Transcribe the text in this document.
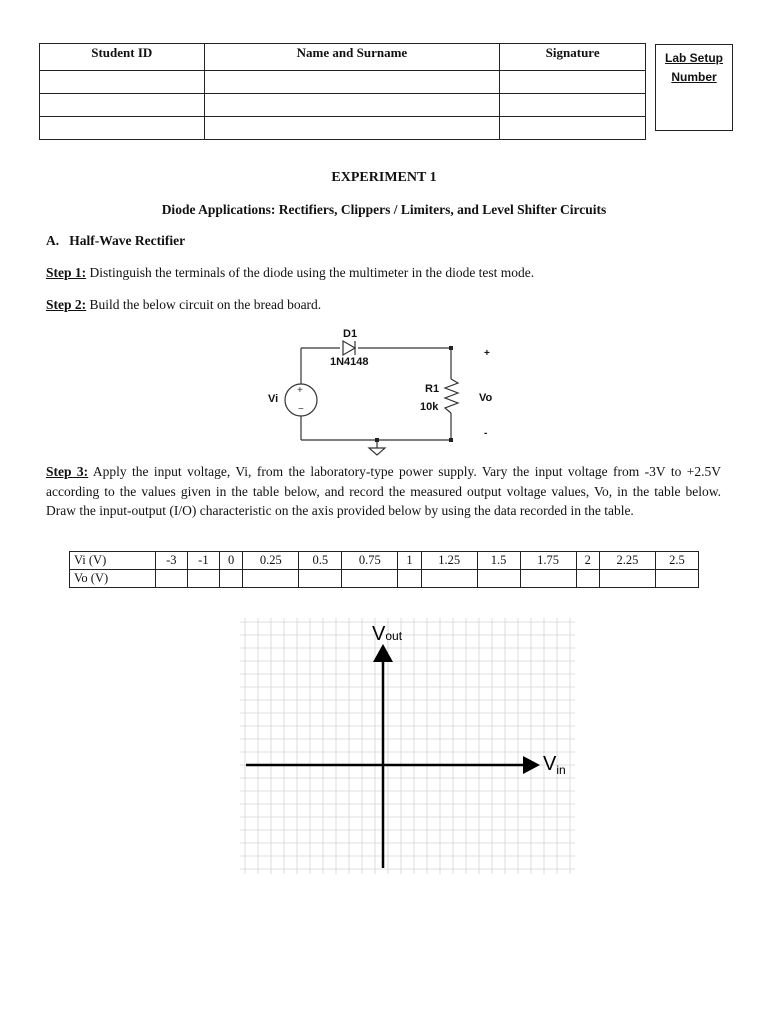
Student ID	Name and Surname	Signature

			Lab Setup
Number
EXPERIMENT 1
Diode Applications: Rectifiers, Clippers / Limiters, and Level Shifter Circuits
A. Half-Wave Rectifier
Step 1: Distinguish the terminals of the diode using the multimeter in the diode test mode.
Step 2: Build the below circuit on the bread board.
+
−
D1
1N4148
R1
10k
Vi	Vo
+
-
Step 3: Apply the input voltage, Vi, from the laboratory-type power supply. Vary the input voltage from -3V to +2.5V according to the values given in the table below, and record the measured output voltage values, Vo, in the table below. Draw the input-output (I/O) characteristic on the axis provided below by using the data recorded in the table.
Vi (V)	-3	-1	0	0.25	0.5	0.75	1	1.25	1.5	1.75	2	2.25	2.5
Vo (V)													
Vout
$V_{in}$
